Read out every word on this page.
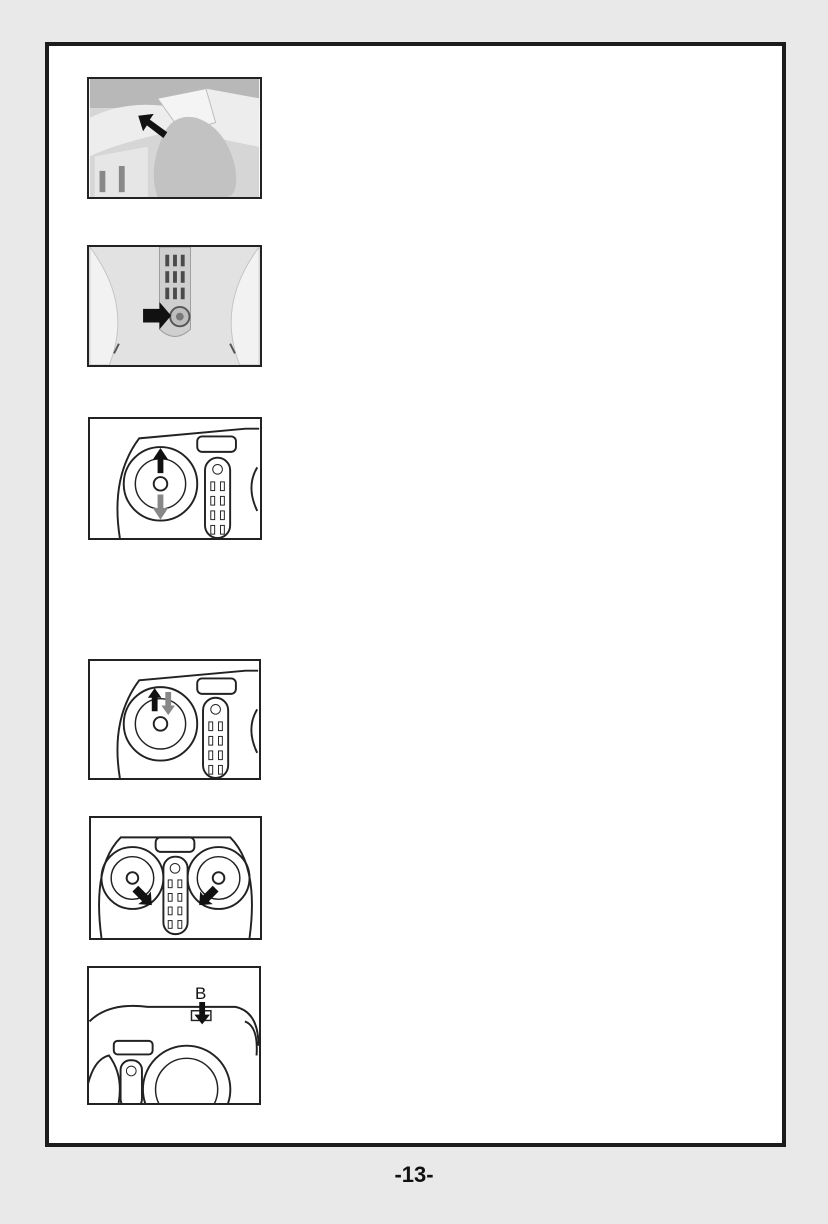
B
-13-
